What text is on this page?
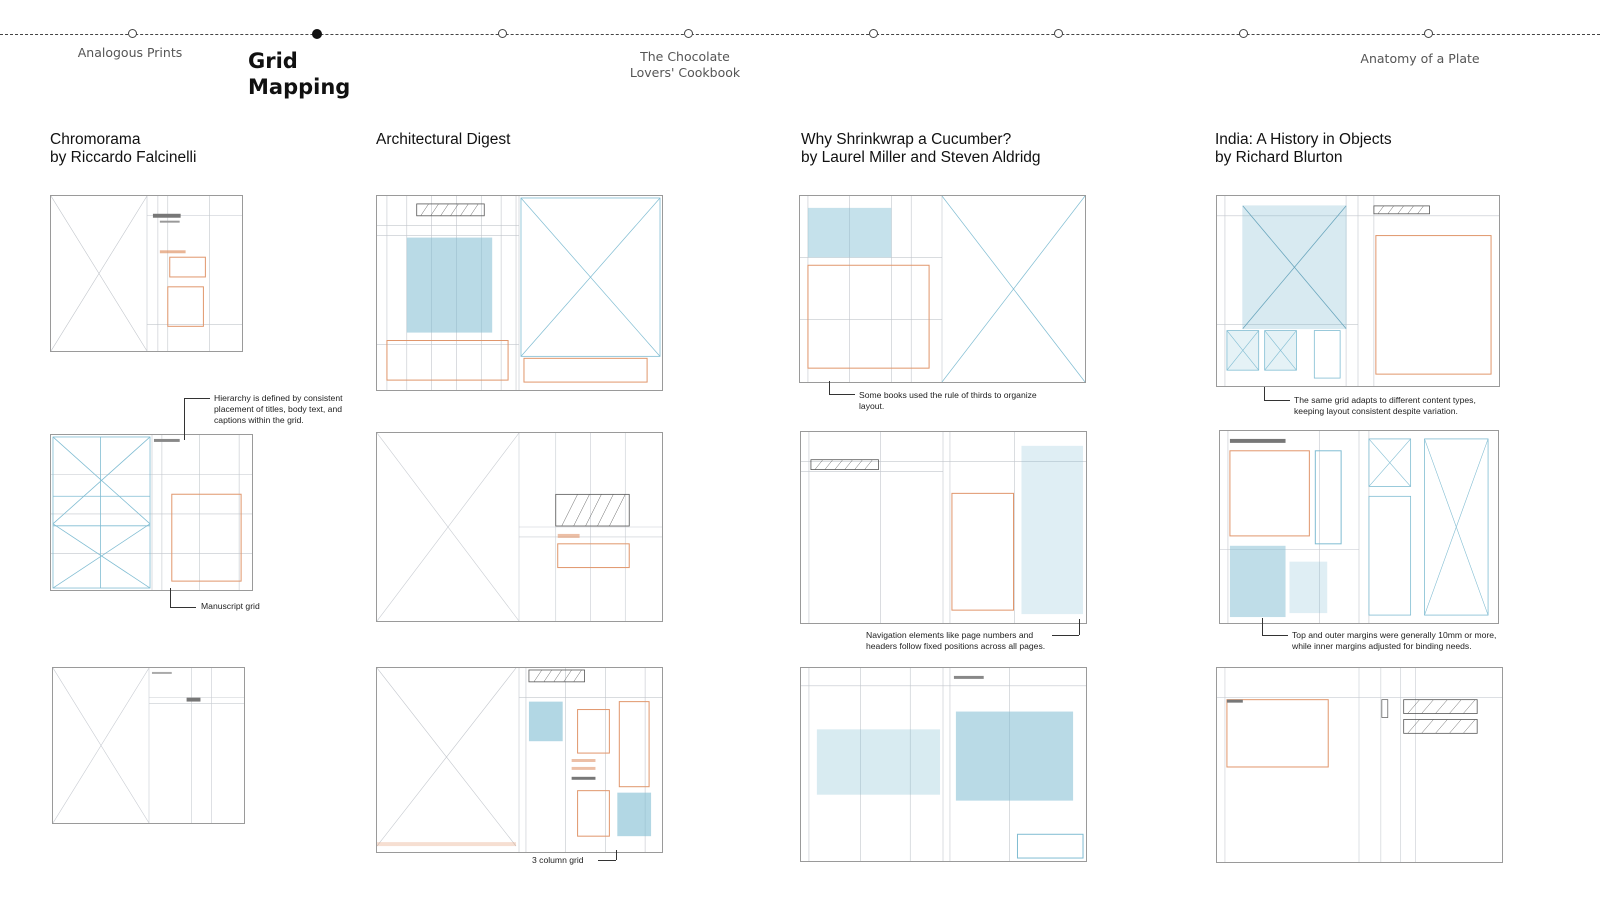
Analogous Prints	Grid Mapping
The Chocolate
Lovers' Cookbook
Anatomy of a Plate
Chromorama
by Riccardo Falcinelli
Architectural Digest	Why Shrinkwrap a Cucumber?
by Laurel Miller and Steven Aldridg
India: A History in Objects
by Richard Blurton
Hierarchy is defined by consistent placement of titles, body text, and captions within the grid.
Manuscript grid
3 column grid
Some books used the rule of thirds to organize layout.
Navigation elements like page numbers and headers follow fixed positions across all pages.
The same grid adapts to different content types, keeping layout consistent despite variation.
Top and outer margins were generally 10mm or more, while inner margins adjusted for binding needs.
